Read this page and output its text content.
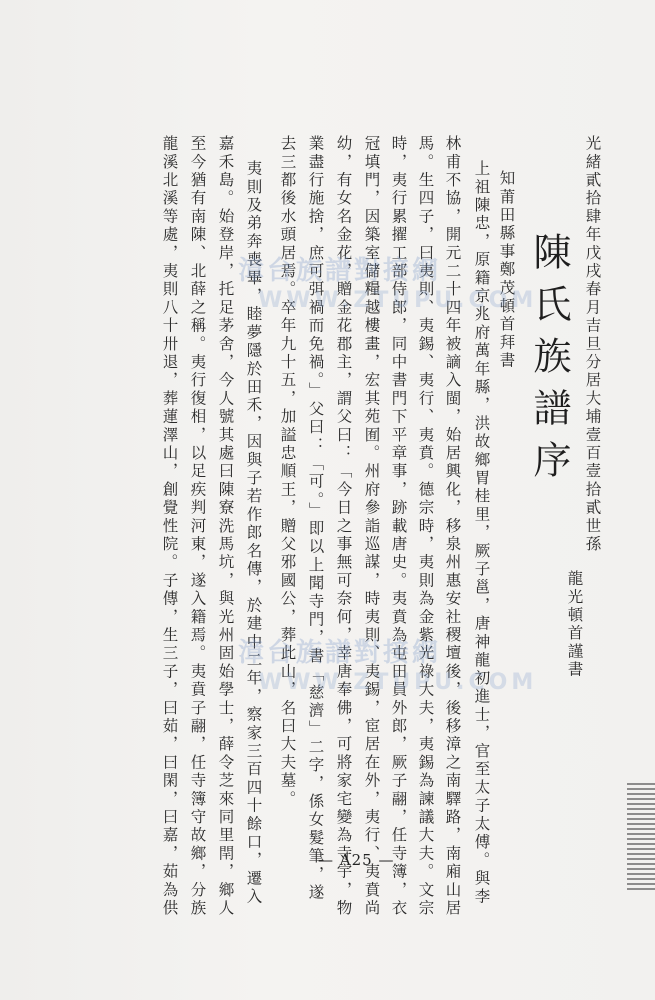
光緒貳拾肆年戊戌春月吉旦分居大埔壹百壹拾貳世孫
龍光頓首謹書
陳氏族譜序
知莆田縣事鄭茂頓首拜書
上祖陳忠，原籍京兆府萬年縣，洪故鄉胃桂里，厥子邕，唐神龍初進士，官至太子太傅。與李
林甫不協，開元二十四年被謫入閩，始居興化，移泉州惠安社稷壇後，後移漳之南驛路，南廂山居
馬。生四子，曰夷則、夷錫、夷行、夷賁。德宗時，夷則為金紫光祿大夫，夷錫為諫議大夫。文宗
時，夷行累擢工部侍郎，同中書門下平章事，跡載唐史。夷賁為屯田員外郎，厥子翮，任寺簿，衣
冠填門，因築室儲糧越樓畫，宏其苑囿。州府參詣巡謀，時夷則、夷錫，宦居在外，夷行、夷賁尚
幼，有女名金花，贈金花郡主，謂父曰：「今日之事無可奈何，幸唐奉佛，可將家宅變為寺宇，物
業盡行施捨，庶可弭禍而免禍。」父曰：「可。」即以上聞寺門，書「慈濟」二字，係女髮筆，遂
去三都後水頭居焉。卒年九十五，加謚忠順王，贈父邪國公，葬此山，名曰大夫墓。
夷則及弟奔喪畢，睦夢隱於田禾，因與子若作郎名傳，於建中二年，察家三百四十餘口，遷入
嘉禾島。始登岸，托足茅舍，今人號其處曰陳寮洗馬坑，與光州固始學士，薛令芝來同里閈，鄉人
至今猶有南陳、北薛之稱。夷行復相，以足疾判河東，遂入籍焉。夷賁子翮，任寺簿守故鄉，分族
龍溪北溪等處，夷則八十卅退，葬蓮澤山，創覺性院。子傳，生三子，曰茹，曰閑，曰嘉，茹為供 漳台族譜對接網
WWW.ZTUPU.COM
漳台族譜對接網
WWW.ZTUPU.COM
— A25 —
